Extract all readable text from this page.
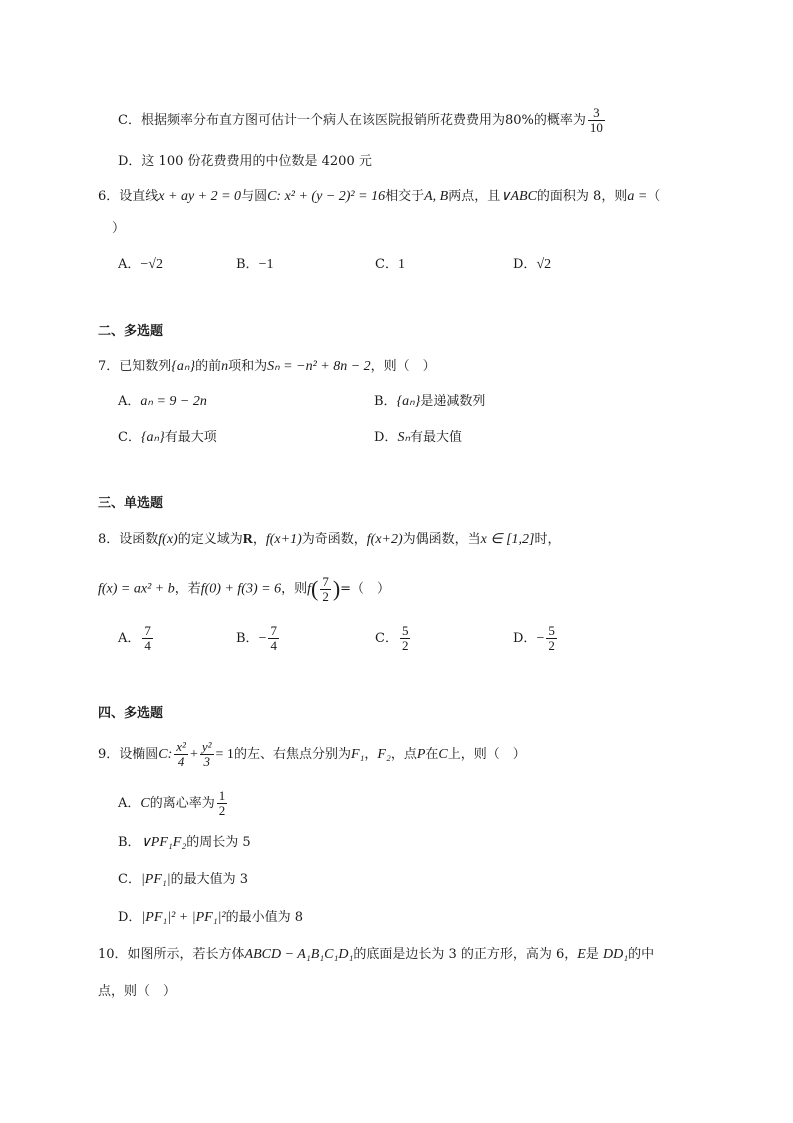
C．根据频率分布直方图可估计一个病人在该医院报销所花费费用为80%的概率为 $\frac{3}{10}$
D．这 100 份花费费用的中位数是 4200 元
6．设直线x + ay + 2 = 0与圆C: x² + (y − 2)² = 16相交于A, B两点，且∨ABC的面积为 8，则a =（
）
A．−√2	B．−1	C．1	D．√2
二、多选题
7．已知数列{aₙ}的前n项和为Sₙ = −n² + 8n − 2，则（　）
A．aₙ = 9 − 2n	B．{aₙ}是递减数列
C．{aₙ}有最大项	D．Sₙ有最大值
三、单选题
8．设函数f(x)的定义域为R，f(x+1)为奇函数，f(x+2)为偶函数，当x ∈ [1,2]时，
f(x) = ax² + b，若f(0) + f(3) = 6，则$f( \frac{7}{2}$ )=（　）
A． $\frac{7}{4}$	B．− $\frac{7}{4}$	C． $\frac{5}{2}$	D．− $\frac{5}{2}$
四、多选题
9．设椭圆C: $\frac{\text{x²}}{4} + \frac{\text{y²}}{3} = 1$的左、右焦点分别为F₁，F₂，点P在C上，则（　）
A．C的离心率为 $\frac{1}{2}$
B．∨PF₁F₂的周长为 5
C．|PF₁|的最大值为 3
D．|PF₁|² + |PF₁|²的最小值为 8
10．如图所示，若长方体ABCD − A₁B₁C₁D₁的底面是边长为 3 的正方形，高为 6，E是 DD₁的中
点，则（　）
